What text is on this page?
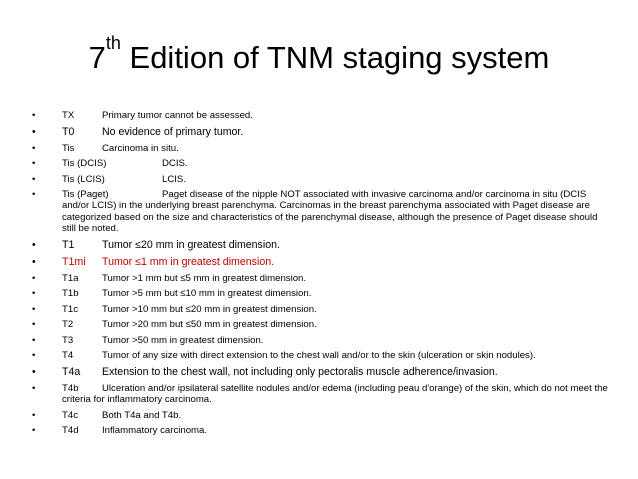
7th Edition of TNM staging system
•	TX	Primary tumor cannot be assessed.
• T0	No evidence of primary tumor.
•	Tis	Carcinoma in situ.
•	Tis (DCIS)	DCIS.
•	Tis (LCIS)	LCIS.
•	Tis (Paget)	Paget disease of the nipple NOT associated with invasive carcinoma and/or carcinoma in situ (DCIS and/or LCIS) in the underlying breast parenchyma. Carcinomas in the breast parenchyma associated with Paget disease are categorized based on the size and characteristics of the parenchymal disease, although the presence of Paget disease should still be noted.
• T1	Tumor ≤20 mm in greatest dimension.
• T1mi Tumor ≤1 mm in greatest dimension.
•	T1a Tumor >1 mm but ≤5 mm in greatest dimension.
•	T1b Tumor >5 mm but ≤10 mm in greatest dimension.
•	T1c	Tumor >10 mm but ≤20 mm in greatest dimension.
•	T2	Tumor >20 mm but ≤50 mm in greatest dimension.
•	T3	Tumor >50 mm in greatest dimension.
•	T4	Tumor of any size with direct extension to the chest wall and/or to the skin (ulceration or skin nodules).
• T4a Extension to the chest wall, not including only pectoralis muscle adherence/invasion.
•	T4b Ulceration and/or ipsilateral satellite nodules and/or edema (including peau d'orange) of the skin, which do not meet the criteria for inflammatory carcinoma.
•	T4c	Both T4a and T4b.
•	T4d Inflammatory carcinoma.
